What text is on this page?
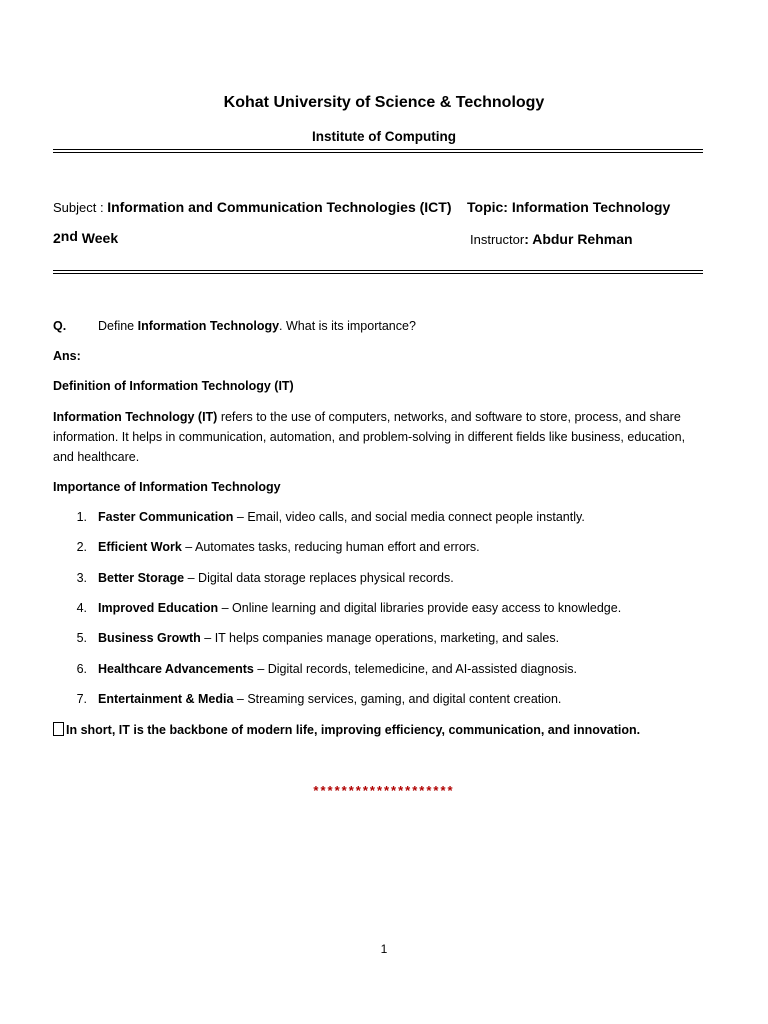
Kohat University of Science & Technology
Institute of Computing
Subject : Information and Communication Technologies (ICT) Topic: Information Technology
2nd Week	Instructor: Abdur Rehman
Q.	Define Information Technology. What is its importance?
Ans:
Definition of Information Technology (IT)
Information Technology (IT) refers to the use of computers, networks, and software to store, process, and share information. It helps in communication, automation, and problem-solving in different fields like business, education, and healthcare.
Importance of Information Technology
1. Faster Communication – Email, video calls, and social media connect people instantly.
2. Efficient Work – Automates tasks, reducing human effort and errors.
3. Better Storage – Digital data storage replaces physical records.
4. Improved Education – Online learning and digital libraries provide easy access to knowledge.
5. Business Growth – IT helps companies manage operations, marketing, and sales.
6. Healthcare Advancements – Digital records, telemedicine, and AI-assisted diagnosis.
7. Entertainment & Media – Streaming services, gaming, and digital content creation.
In short, IT is the backbone of modern life, improving efficiency, communication, and innovation.
********************
1
